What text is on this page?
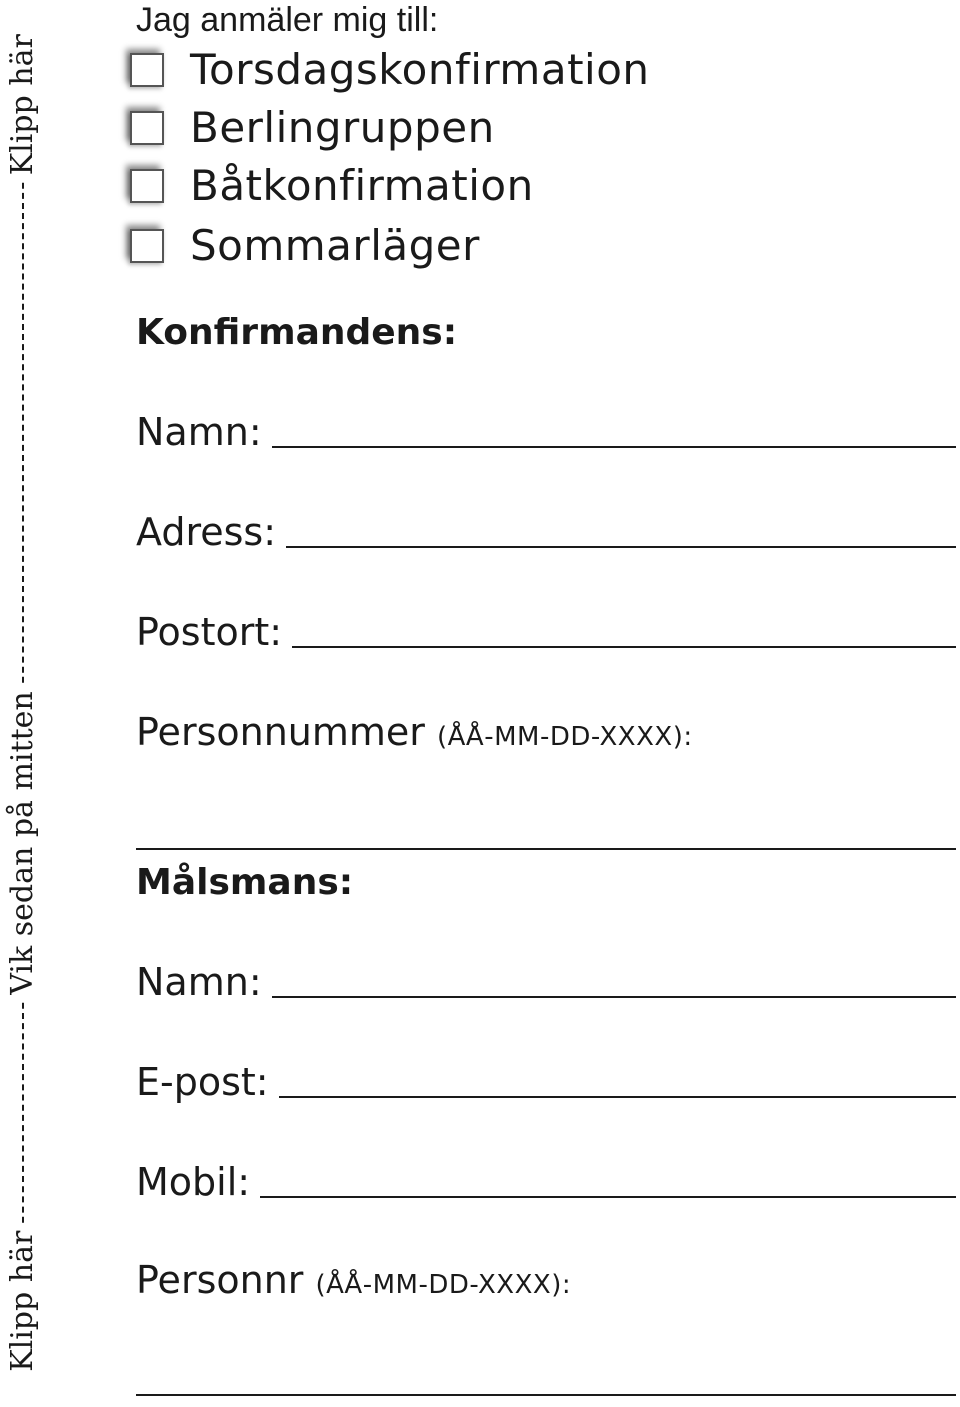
Klipp här
Vik sedan på mitten
Klipp här
Jag anmäler mig till:
Torsdagskonfirmation
Berlingruppen
Båtkonfirmation
Sommarläger
Konfirmandens:
Namn:
Adress:
Postort:
Personnummer (ÅÅ-MM-DD-XXXX):
Målsmans:
Namn:
E-post:
Mobil:
Personnr (ÅÅ-MM-DD-XXXX):
